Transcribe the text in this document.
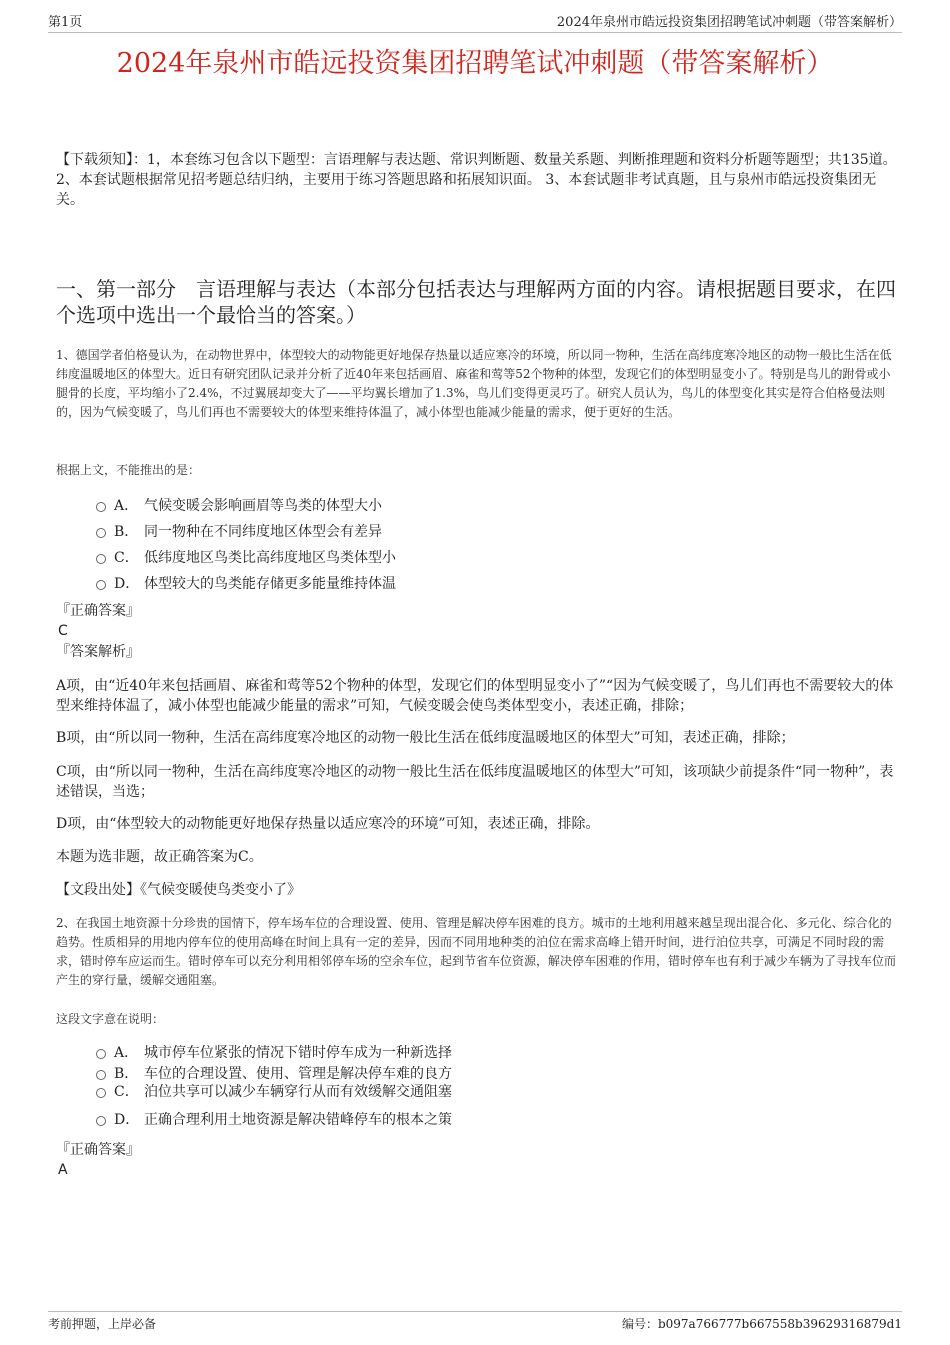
第1页	2024年泉州市皓远投资集团招聘笔试冲刺题（带答案解析）
2024年泉州市皓远投资集团招聘笔试冲刺题（带答案解析）
【下载须知】：1，本套练习包含以下题型：言语理解与表达题、常识判断题、数量关系题、判断推理题和资料分析题等题型；共135道。 2、本套试题根据常见招考题总结归纳，主要用于练习答题思路和拓展知识面。 3、本套试题非考试真题，且与泉州市皓远投资集团无关。
一、第一部分　言语理解与表达（本部分包括表达与理解两方面的内容。请根据题目要求，在四个选项中选出一个最恰当的答案。）
1、德国学者伯格曼认为，在动物世界中，体型较大的动物能更好地保存热量以适应寒冷的环境，所以同一物种，生活在高纬度寒冷地区的动物一般比生活在低纬度温暖地区的体型大。近日有研究团队记录并分析了近40年来包括画眉、麻雀和莺等52个物种的体型，发现它们的体型明显变小了。特别是鸟儿的跗骨或小腿骨的长度，平均缩小了2.4%，不过翼展却变大了——平均翼长增加了1.3%，鸟儿们变得更灵巧了。研究人员认为，鸟儿的体型变化其实是符合伯格曼法则的，因为气候变暖了，鸟儿们再也不需要较大的体型来维持体温了，减小体型也能减少能量的需求，便于更好的生活。
根据上文，不能推出的是：
A． 气候变暖会影响画眉等鸟类的体型大小
B． 同一物种在不同纬度地区体型会有差异
C． 低纬度地区鸟类比高纬度地区鸟类体型小
D． 体型较大的鸟类能存储更多能量维持体温
『正确答案』
C
『答案解析』
A项，由“近40年来包括画眉、麻雀和莺等52个物种的体型，发现它们的体型明显变小了”“因为气候变暖了，鸟儿们再也不需要较大的体型来维持体温了，减小体型也能减少能量的需求”可知，气候变暖会使鸟类体型变小，表述正确，排除；
B项，由“所以同一物种，生活在高纬度寒冷地区的动物一般比生活在低纬度温暖地区的体型大”可知，表述正确，排除；
C项，由“所以同一物种，生活在高纬度寒冷地区的动物一般比生活在低纬度温暖地区的体型大”可知，该项缺少前提条件“同一物种”，表述错误，当选；
D项，由“体型较大的动物能更好地保存热量以适应寒冷的环境”可知，表述正确，排除。
本题为选非题，故正确答案为C。
【文段出处】《气候变暖使鸟类变小了》
2、在我国土地资源十分珍贵的国情下，停车场车位的合理设置、使用、管理是解决停车困难的良方。城市的土地利用越来越呈现出混合化、多元化、综合化的趋势。性质相异的用地内停车位的使用高峰在时间上具有一定的差异，因而不同用地种类的泊位在需求高峰上错开时间，进行泊位共享，可满足不同时段的需求，错时停车应运而生。错时停车可以充分利用相邻停车场的空余车位，起到节省车位资源，解决停车困难的作用，错时停车也有利于减少车辆为了寻找车位而产生的穿行量，缓解交通阻塞。
这段文字意在说明：
A． 城市停车位紧张的情况下错时停车成为一种新选择
B． 车位的合理设置、使用、管理是解决停车难的良方
C． 泊位共享可以减少车辆穿行从而有效缓解交通阻塞
D． 正确合理利用土地资源是解决错峰停车的根本之策
『正确答案』
A
考前押题，上岸必备	编号：b097a766777b667558b39629316879d1
